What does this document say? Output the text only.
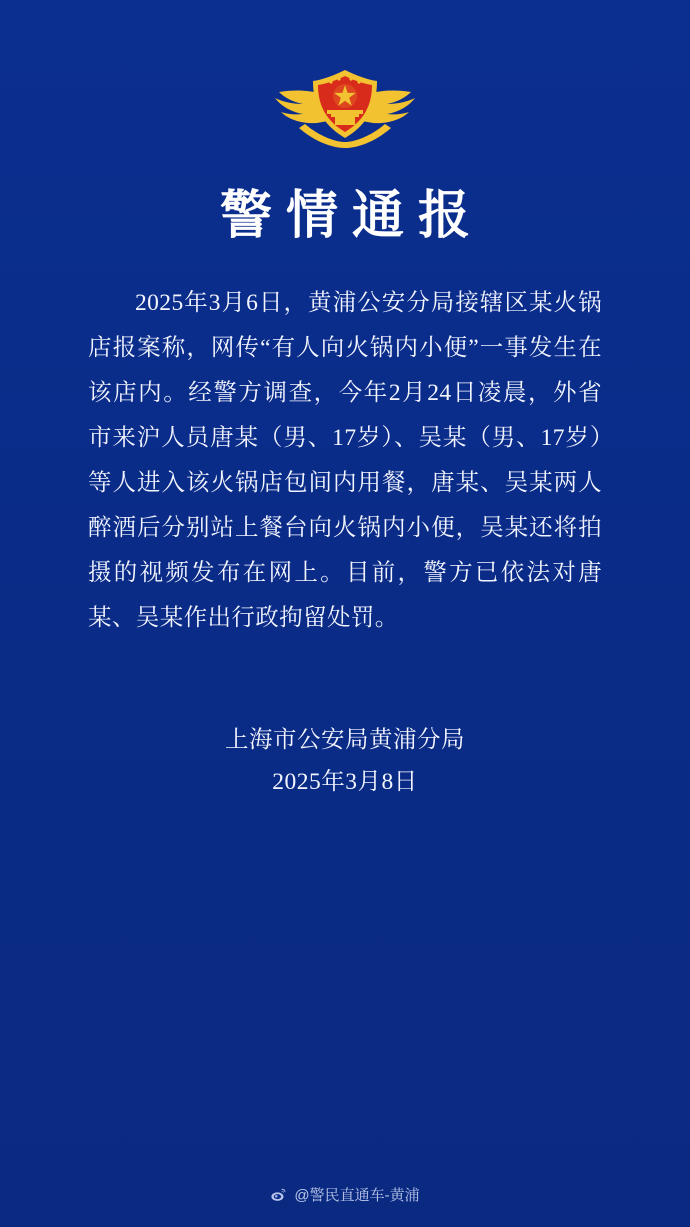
警情通报

2025年3月6日，黄浦公安分局接辖区某火锅店报案称，网传“有人向火锅内小便”一事发生在该店内。经警方调查，今年2月24日凌晨，外省市来沪人员唐某（男、17岁）、吴某（男、17岁）等人进入该火锅店包间内用餐，唐某、吴某两人醉酒后分别站上餐台向火锅内小便，吴某还将拍摄的视频发布在网上。目前，警方已依法对唐某、吴某作出行政拘留处罚。

上海市公安局黄浦分局
2025年3月8日
@警民直通车-黄浦
